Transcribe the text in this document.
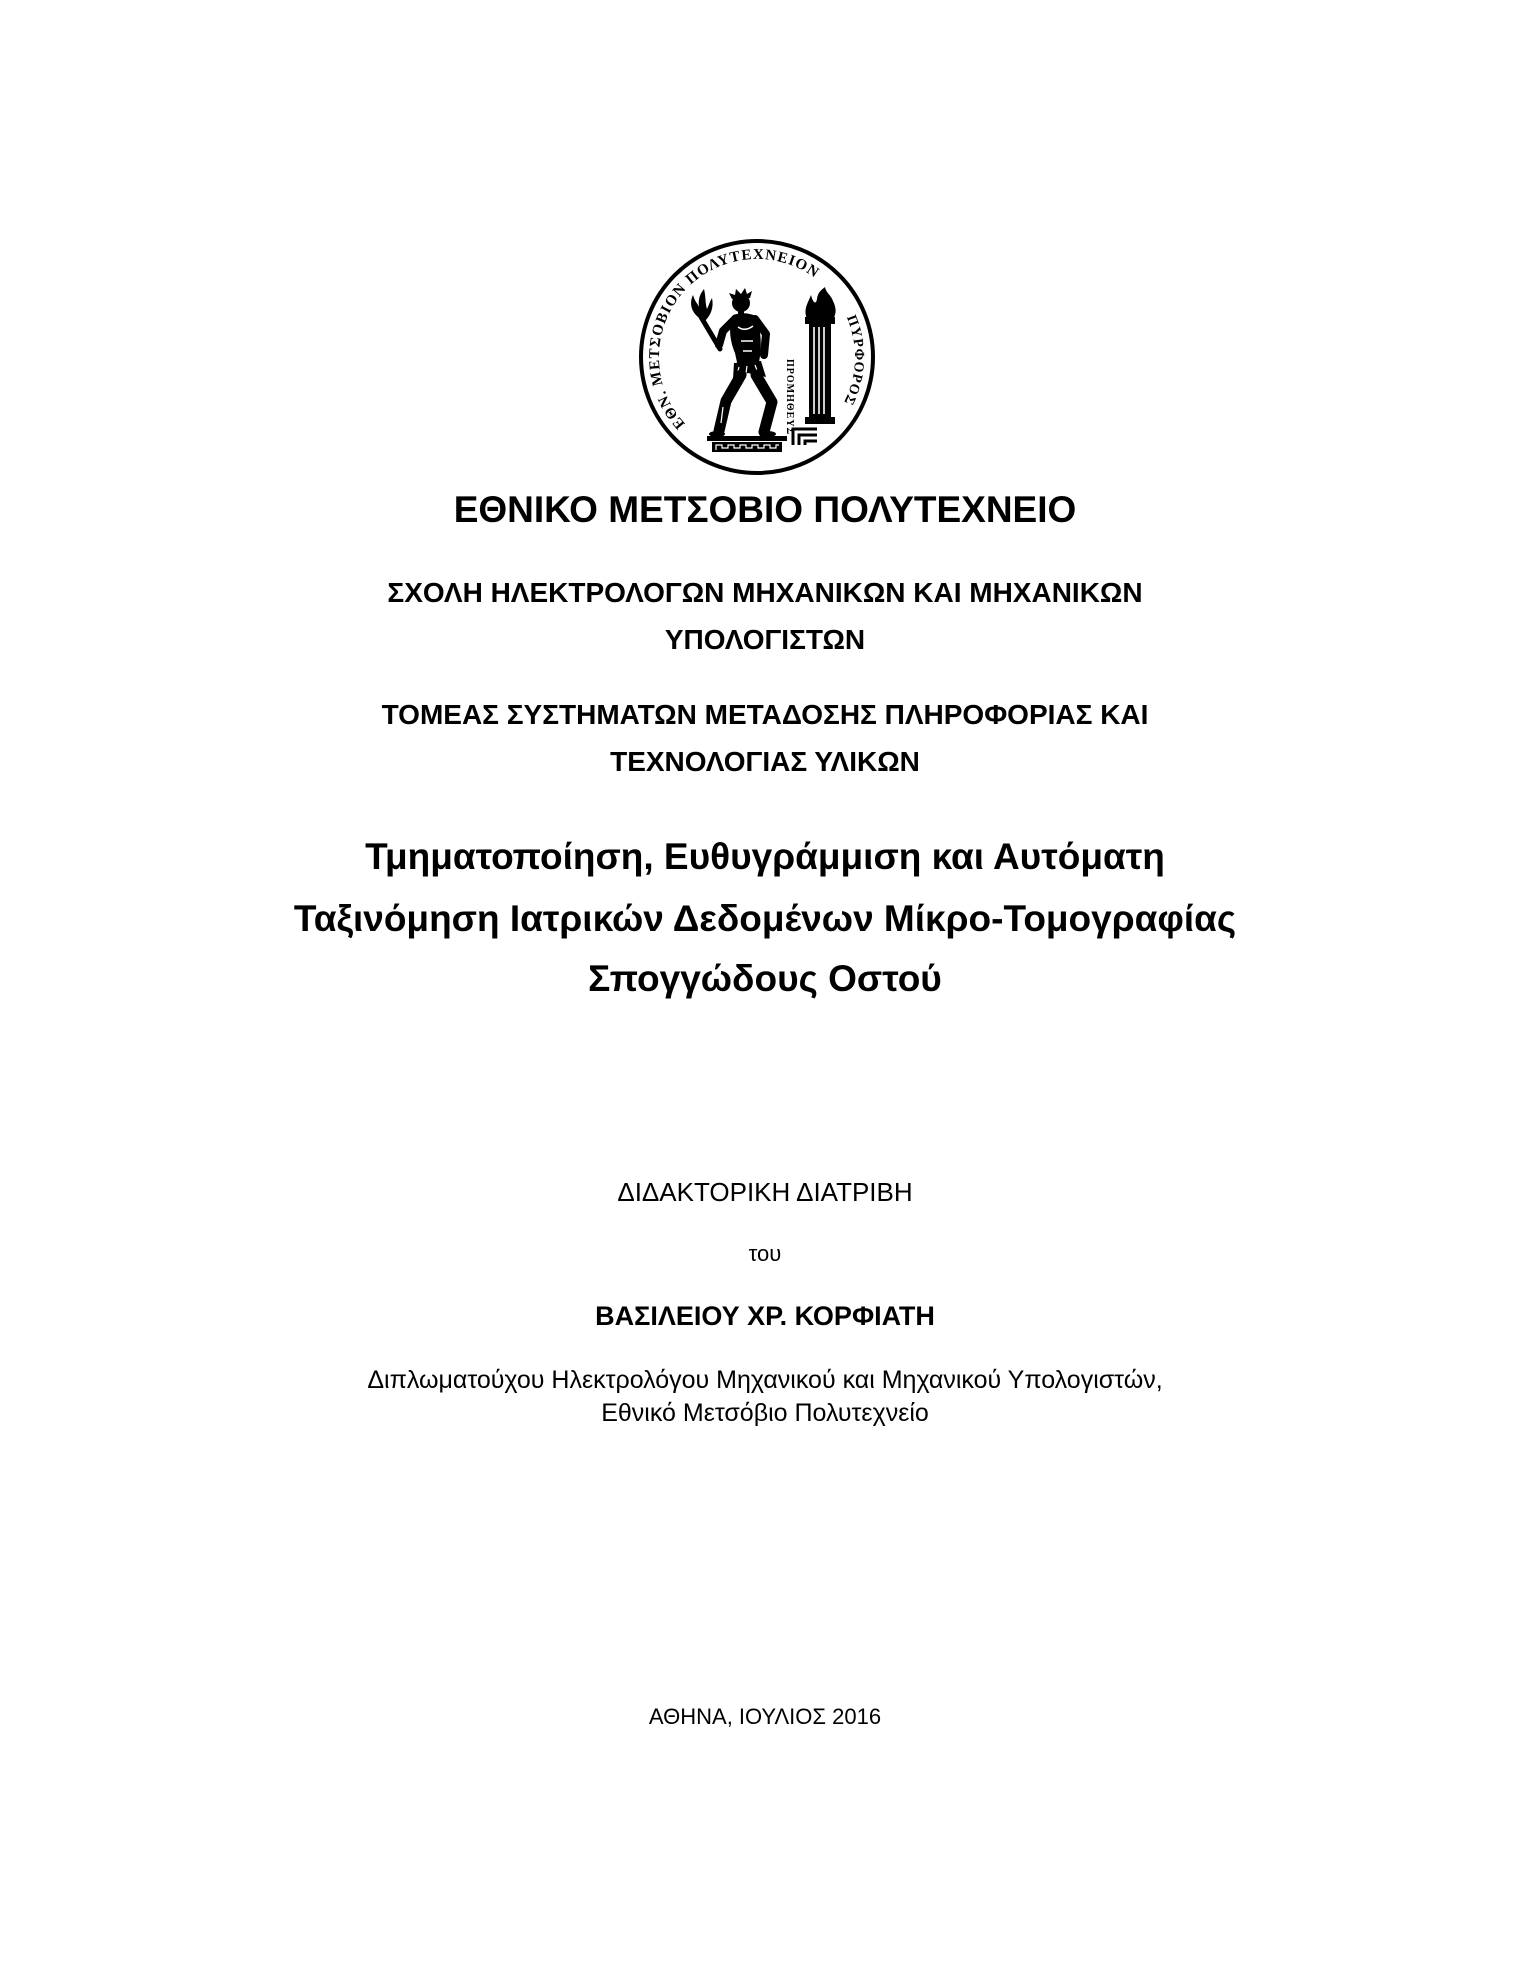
ΕΘΝ. ΜΕΤΣΟΒΙΟΝ ΠΟΛΥΤΕΧΝΕΙΟΝ
ΠΥΡΦΟΡΟΣ
ΠΡΟΜΗΘΕΥΣ
ΕΘΝΙΚΟ ΜΕΤΣΟΒΙΟ ΠΟΛΥΤΕΧΝΕΙΟ
ΣΧΟΛΗ ΗΛΕΚΤΡΟΛΟΓΩΝ ΜΗΧΑΝΙΚΩΝ ΚΑΙ ΜΗΧΑΝΙΚΩΝ
ΥΠΟΛΟΓΙΣΤΩΝ
ΤΟΜΕΑΣ ΣΥΣΤΗΜΑΤΩΝ ΜΕΤΑΔΟΣΗΣ ΠΛΗΡΟΦΟΡΙΑΣ ΚΑΙ
ΤΕΧΝΟΛΟΓΙΑΣ ΥΛΙΚΩΝ
Τμηματοποίηση, Ευθυγράμμιση και Αυτόματη
Ταξινόμηση Ιατρικών Δεδομένων Μίκρο-Τομογραφίας
Σπογγώδους Οστού
ΔΙΔΑΚΤΟΡΙΚΗ ΔΙΑΤΡΙΒΗ
του
ΒΑΣΙΛΕΙΟΥ ΧΡ. ΚΟΡΦΙΑΤΗ
Διπλωματούχου Ηλεκτρολόγου Μηχανικού και Μηχανικού Υπολογιστών,
Εθνικό Μετσόβιο Πολυτεχνείο
ΑΘΗΝΑ, ΙΟΥΛΙΟΣ 2016
